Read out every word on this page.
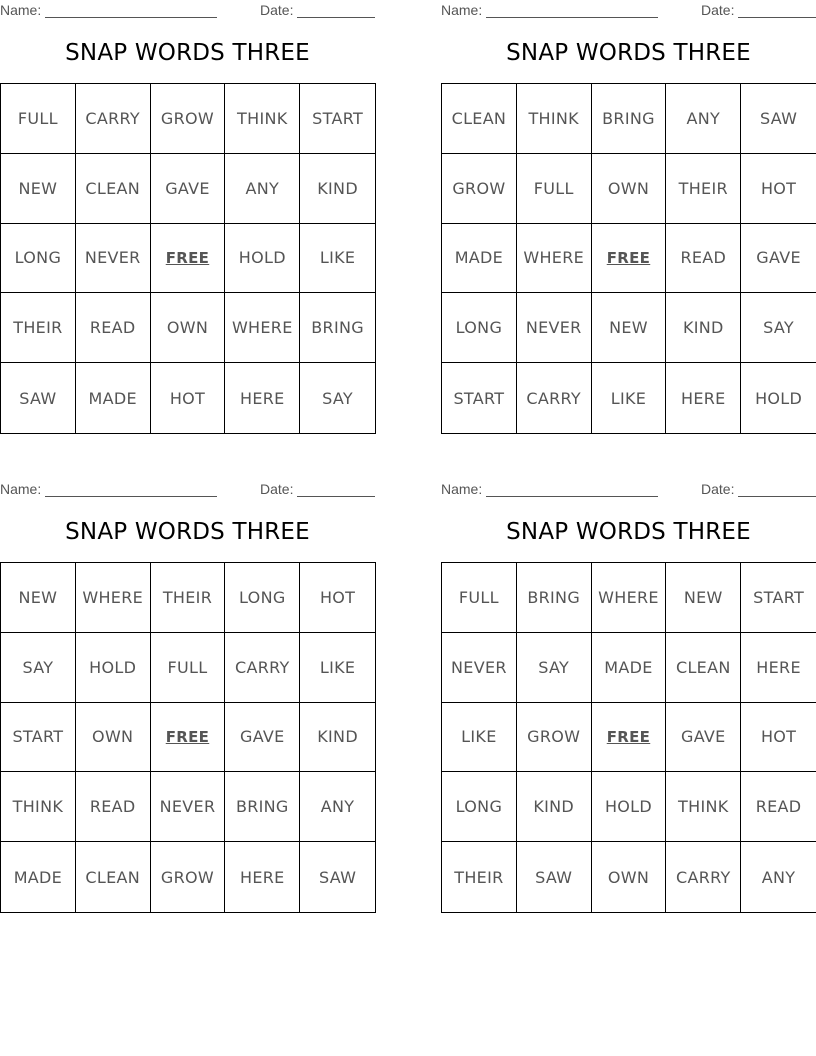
Name:	Date:
SNAP WORDS THREE
FULL	CARRY	GROW	THINK	START
NEW	CLEAN	GAVE	ANY	KIND
LONG	NEVER	FREE	HOLD	LIKE
THEIR	READ	OWN	WHERE	BRING
SAW	MADE	HOT	HERE	SAY
Name:	Date:
SNAP WORDS THREE
CLEAN	THINK	BRING	ANY	SAW
GROW	FULL	OWN	THEIR	HOT
MADE	WHERE	FREE	READ	GAVE
LONG	NEVER	NEW	KIND	SAY
START	CARRY	LIKE	HERE	HOLD
Name:	Date:
SNAP WORDS THREE
NEW	WHERE	THEIR	LONG	HOT
SAY	HOLD	FULL	CARRY	LIKE
START	OWN	FREE	GAVE	KIND
THINK	READ	NEVER	BRING	ANY
MADE	CLEAN	GROW	HERE	SAW
Name:	Date:
SNAP WORDS THREE
FULL	BRING	WHERE	NEW	START
NEVER	SAY	MADE	CLEAN	HERE
LIKE	GROW	FREE	GAVE	HOT
LONG	KIND	HOLD	THINK	READ
THEIR	SAW	OWN	CARRY	ANY
